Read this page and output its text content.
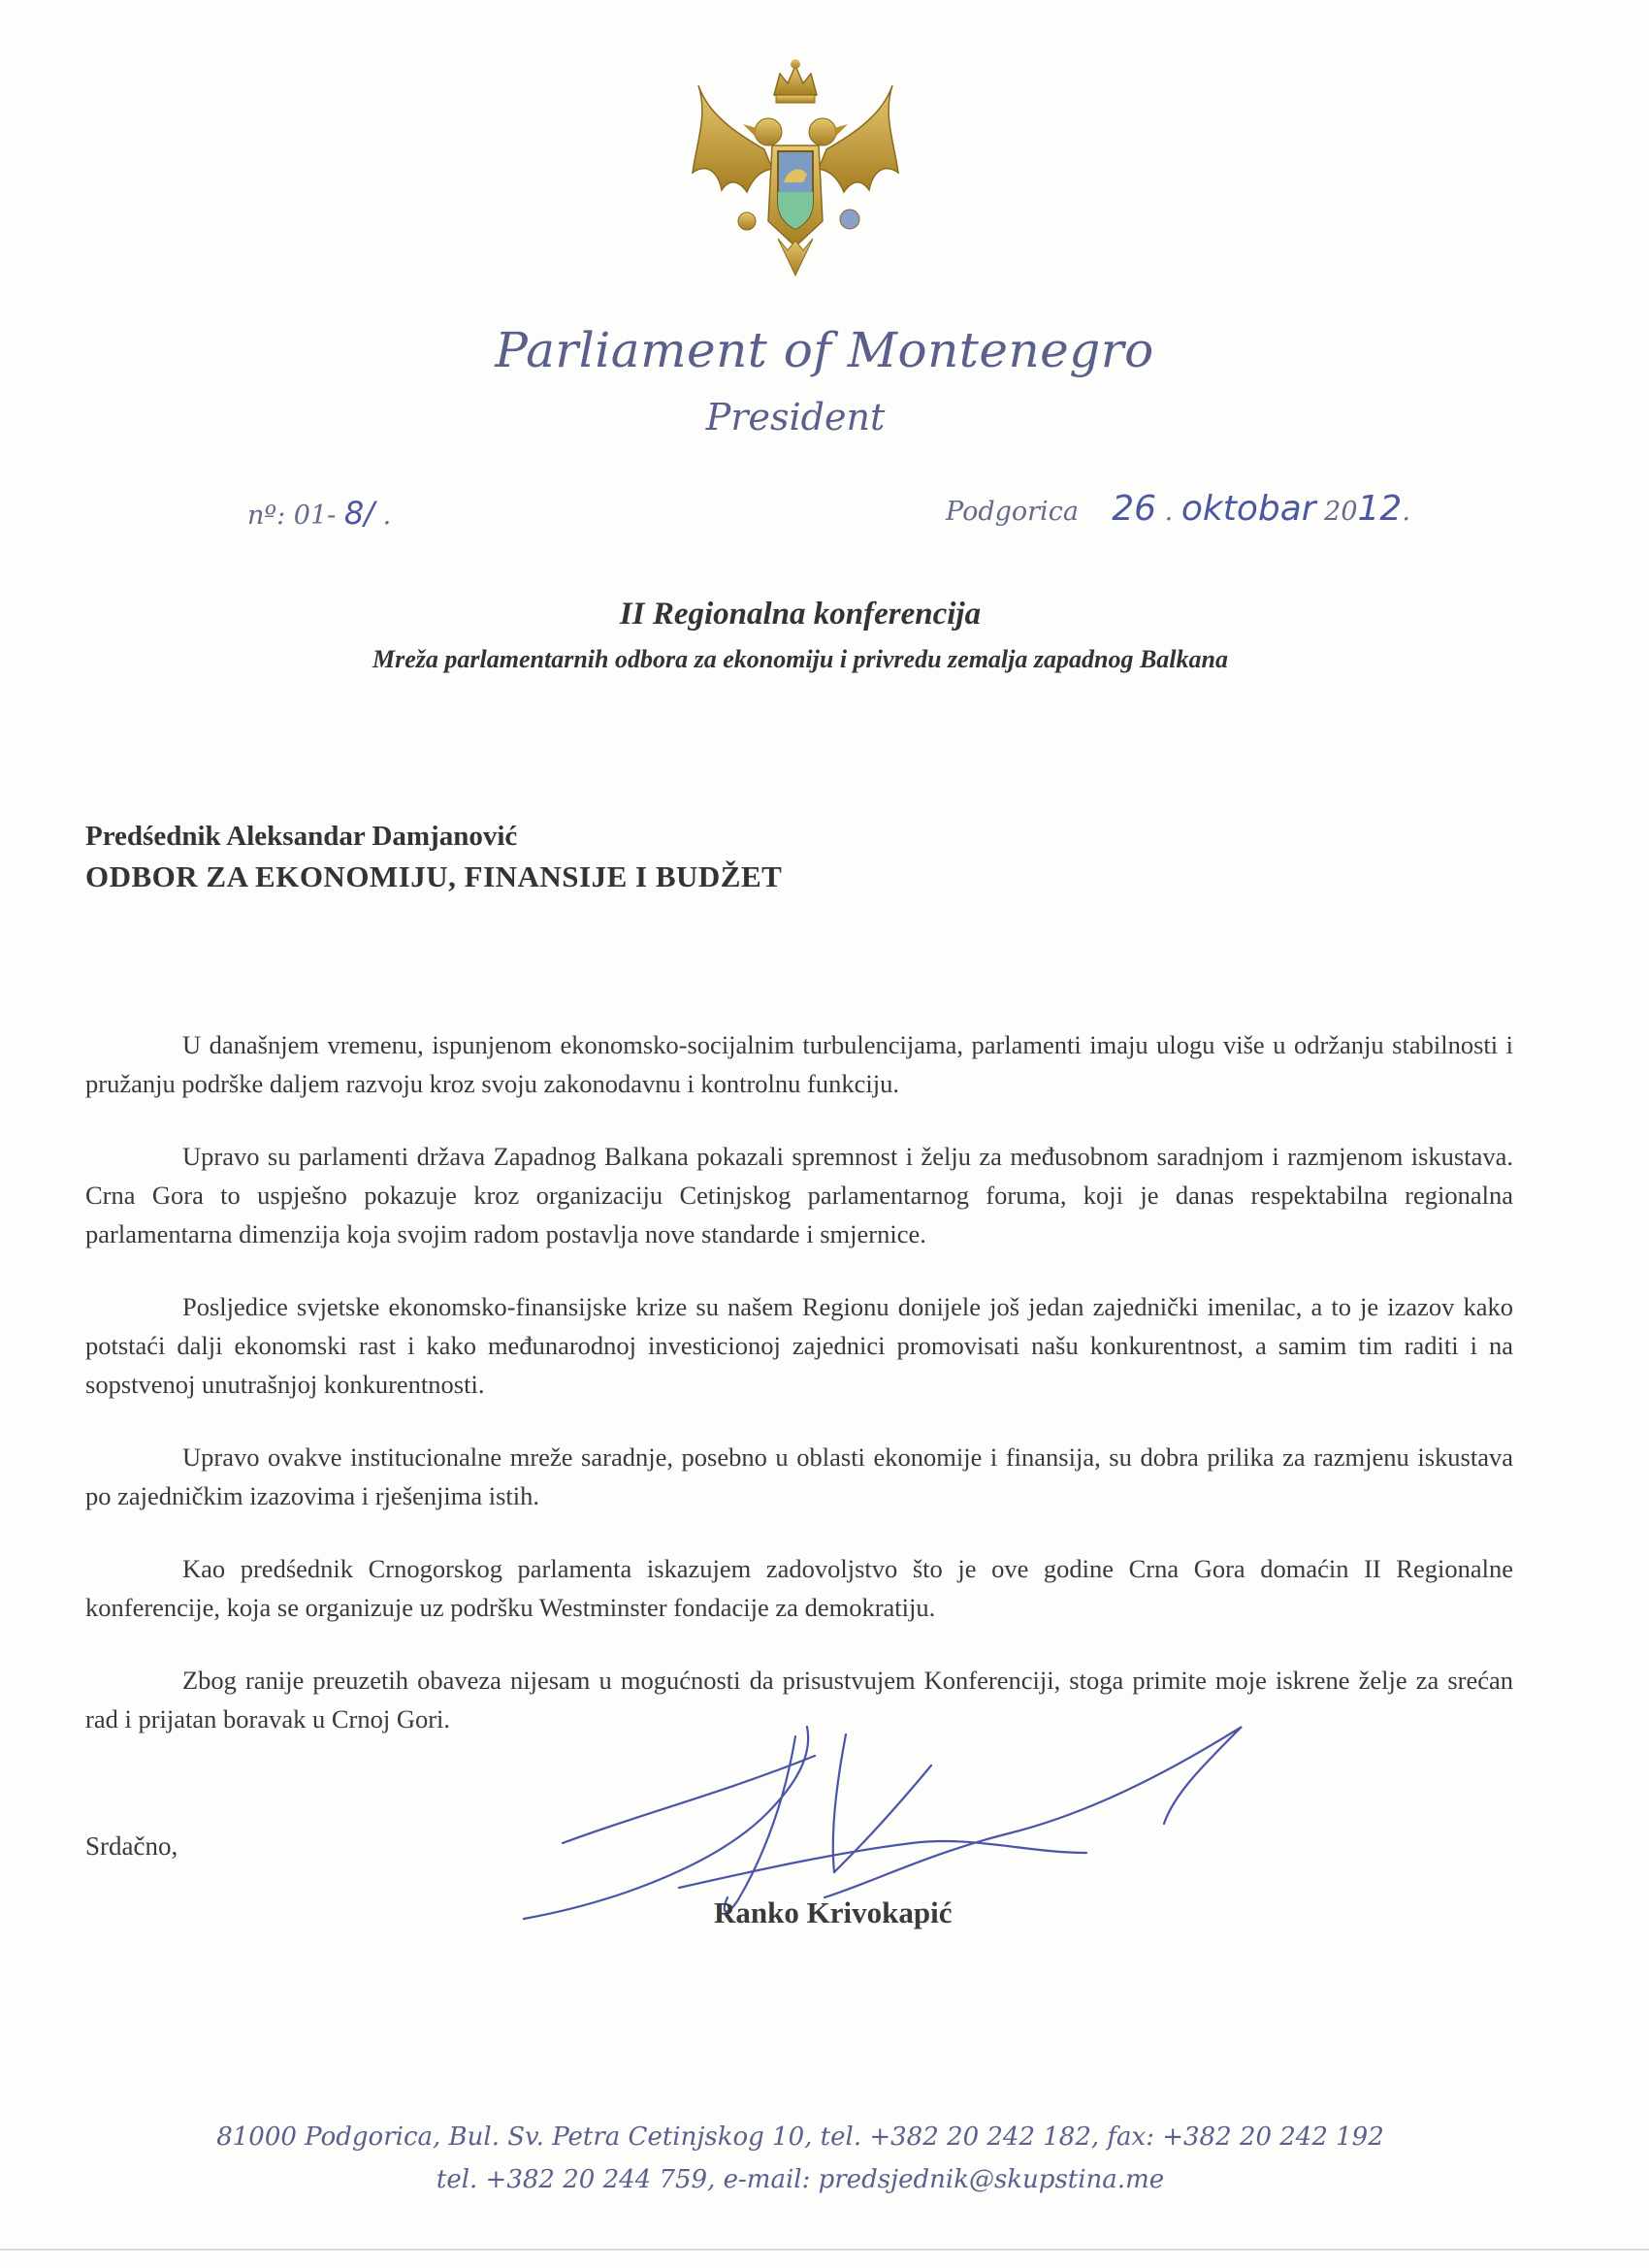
Parliament of Montenegro
President
nº: 01- 8/ .	Podgorica 26 . oktobar 2012.
II Regionalna konferencija
Mreža parlamentarnih odbora za ekonomiju i privredu zemalja zapadnog Balkana
Predśednik Aleksandar Damjanović
ODBOR ZA EKONOMIJU, FINANSIJE I BUDŽET

U današnjem vremenu, ispunjenom ekonomsko-socijalnim turbulencijama, parlamenti imaju ulogu više u održanju stabilnosti i pružanju podrške daljem razvoju kroz svoju zakonodavnu i kontrolnu funkciju.

Upravo su parlamenti država Zapadnog Balkana pokazali spremnost i želju za međusobnom saradnjom i razmjenom iskustava. Crna Gora to uspješno pokazuje kroz organizaciju Cetinjskog parlamentarnog foruma, koji je danas respektabilna regionalna parlamentarna dimenzija koja svojim radom postavlja nove standarde i smjernice.

Posljedice svjetske ekonomsko-finansijske krize su našem Regionu donijele još jedan zajednički imenilac, a to je izazov kako potstaći dalji ekonomski rast i kako međunarodnoj investicionoj zajednici promovisati našu konkurentnost, a samim tim raditi i na sopstvenoj unutrašnjoj konkurentnosti.

Upravo ovakve institucionalne mreže saradnje, posebno u oblasti ekonomije i finansija, su dobra prilika za razmjenu iskustava po zajedničkim izazovima i rješenjima istih.

Kao predśednik Crnogorskog parlamenta iskazujem zadovoljstvo što je ove godine Crna Gora domaćin II Regionalne konferencije, koja se organizuje uz podršku Westminster fondacije za demokratiju.

Zbog ranije preuzetih obaveza nijesam u mogućnosti da prisustvujem Konferenciji, stoga primite moje iskrene želje za srećan rad i prijatan boravak u Crnoj Gori.

Srdačno,
Ranko Krivokapić
81000 Podgorica, Bul. Sv. Petra Cetinjskog 10, tel. +382 20 242 182, fax: +382 20 242 192
tel. +382 20 244 759, e-mail: predsjednik@skupstina.me
